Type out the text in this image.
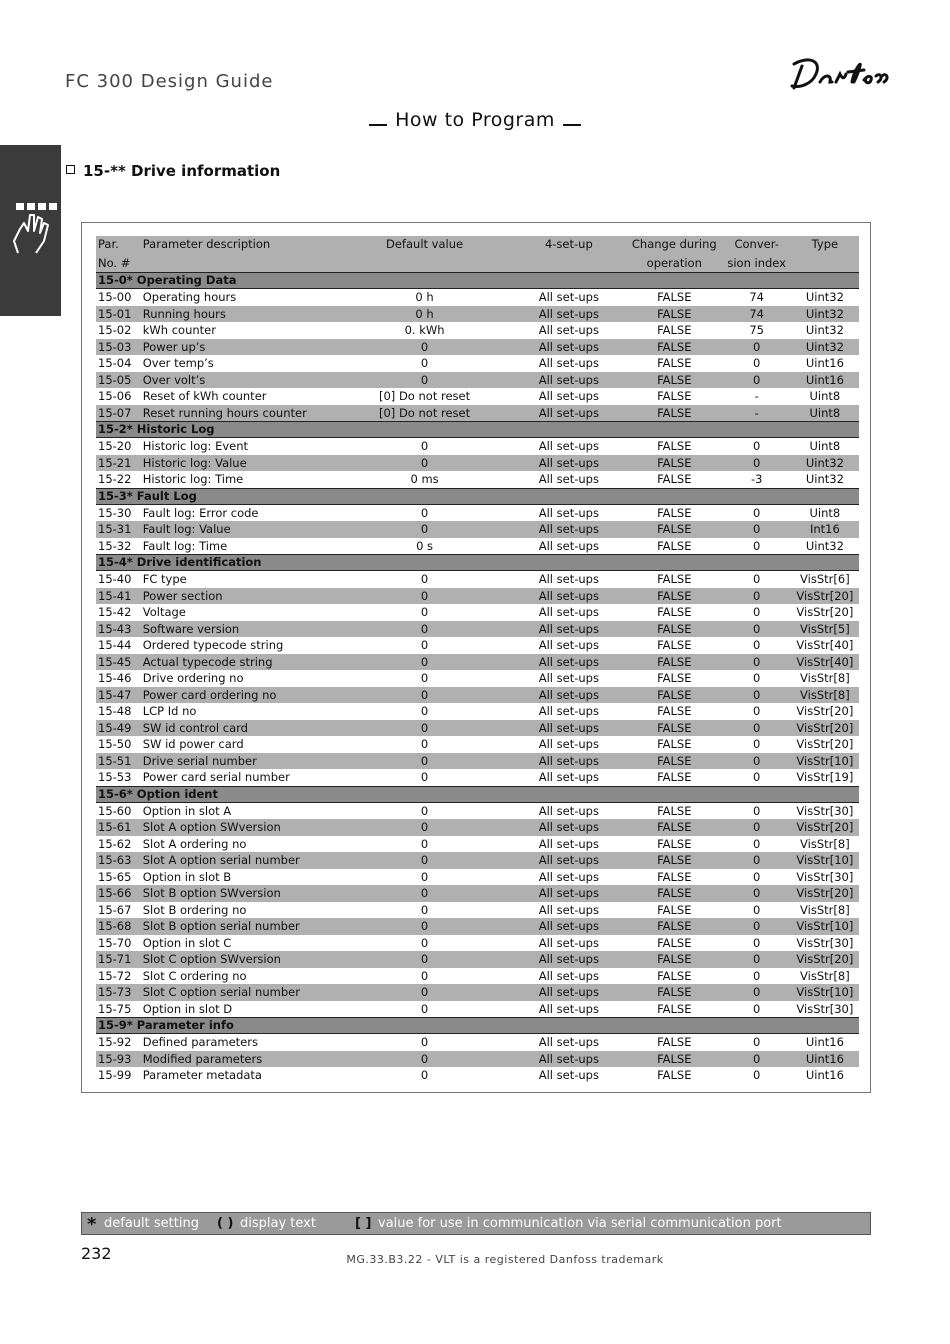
FC 300 Design Guide
How to Program
15-** Drive information
Par.	Parameter description	Default value	4-set-up	Change during	Conver-	Type
No. #				operation	sion index	
15-0* Operating Data						
15-00	Operating hours	0 h	All set-ups	FALSE	74	Uint32
15-01	Running hours	0 h	All set-ups	FALSE	74	Uint32
15-02	kWh counter	0. kWh	All set-ups	FALSE	75	Uint32
15-03	Power up’s	0	All set-ups	FALSE	0	Uint32
15-04	Over temp’s	0	All set-ups	FALSE	0	Uint16
15-05	Over volt’s	0	All set-ups	FALSE	0	Uint16
15-06	Reset of kWh counter	[0] Do not reset	All set-ups	FALSE	-	Uint8
15-07	Reset running hours counter	[0] Do not reset	All set-ups	FALSE	-	Uint8
15-2* Historic Log						
15-20	Historic log: Event	0	All set-ups	FALSE	0	Uint8
15-21	Historic log: Value	0	All set-ups	FALSE	0	Uint32
15-22	Historic log: Time	0 ms	All set-ups	FALSE	-3	Uint32
15-3* Fault Log						
15-30	Fault log: Error code	0	All set-ups	FALSE	0	Uint8
15-31	Fault log: Value	0	All set-ups	FALSE	0	Int16
15-32	Fault log: Time	0 s	All set-ups	FALSE	0	Uint32
15-4* Drive identification						
15-40	FC type	0	All set-ups	FALSE	0	VisStr[6]
15-41	Power section	0	All set-ups	FALSE	0	VisStr[20]
15-42	Voltage	0	All set-ups	FALSE	0	VisStr[20]
15-43	Software version	0	All set-ups	FALSE	0	VisStr[5]
15-44	Ordered typecode string	0	All set-ups	FALSE	0	VisStr[40]
15-45	Actual typecode string	0	All set-ups	FALSE	0	VisStr[40]
15-46	Drive ordering no	0	All set-ups	FALSE	0	VisStr[8]
15-47	Power card ordering no	0	All set-ups	FALSE	0	VisStr[8]
15-48	LCP Id no	0	All set-ups	FALSE	0	VisStr[20]
15-49	SW id control card	0	All set-ups	FALSE	0	VisStr[20]
15-50	SW id power card	0	All set-ups	FALSE	0	VisStr[20]
15-51	Drive serial number	0	All set-ups	FALSE	0	VisStr[10]
15-53	Power card serial number	0	All set-ups	FALSE	0	VisStr[19]
15-6* Option ident						
15-60	Option in slot A	0	All set-ups	FALSE	0	VisStr[30]
15-61	Slot A option SWversion	0	All set-ups	FALSE	0	VisStr[20]
15-62	Slot A ordering no	0	All set-ups	FALSE	0	VisStr[8]
15-63	Slot A option serial number	0	All set-ups	FALSE	0	VisStr[10]
15-65	Option in slot B	0	All set-ups	FALSE	0	VisStr[30]
15-66	Slot B option SWversion	0	All set-ups	FALSE	0	VisStr[20]
15-67	Slot B ordering no	0	All set-ups	FALSE	0	VisStr[8]
15-68	Slot B option serial number	0	All set-ups	FALSE	0	VisStr[10]
15-70	Option in slot C	0	All set-ups	FALSE	0	VisStr[30]
15-71	Slot C option SWversion	0	All set-ups	FALSE	0	VisStr[20]
15-72	Slot C ordering no	0	All set-ups	FALSE	0	VisStr[8]
15-73	Slot C option serial number	0	All set-ups	FALSE	0	VisStr[10]
15-75	Option in slot D	0	All set-ups	FALSE	0	VisStr[30]
15-9* Parameter info						
15-92	Defined parameters	0	All set-ups	FALSE	0	Uint16
15-93	Modified parameters	0	All set-ups	FALSE	0	Uint16
15-99	Parameter metadata	0	All set-ups	FALSE	0	Uint16
* default setting ( ) display text	[ ] value for use in communication via serial communication port
232	MG.33.B3.22 - VLT is a registered Danfoss trademark
